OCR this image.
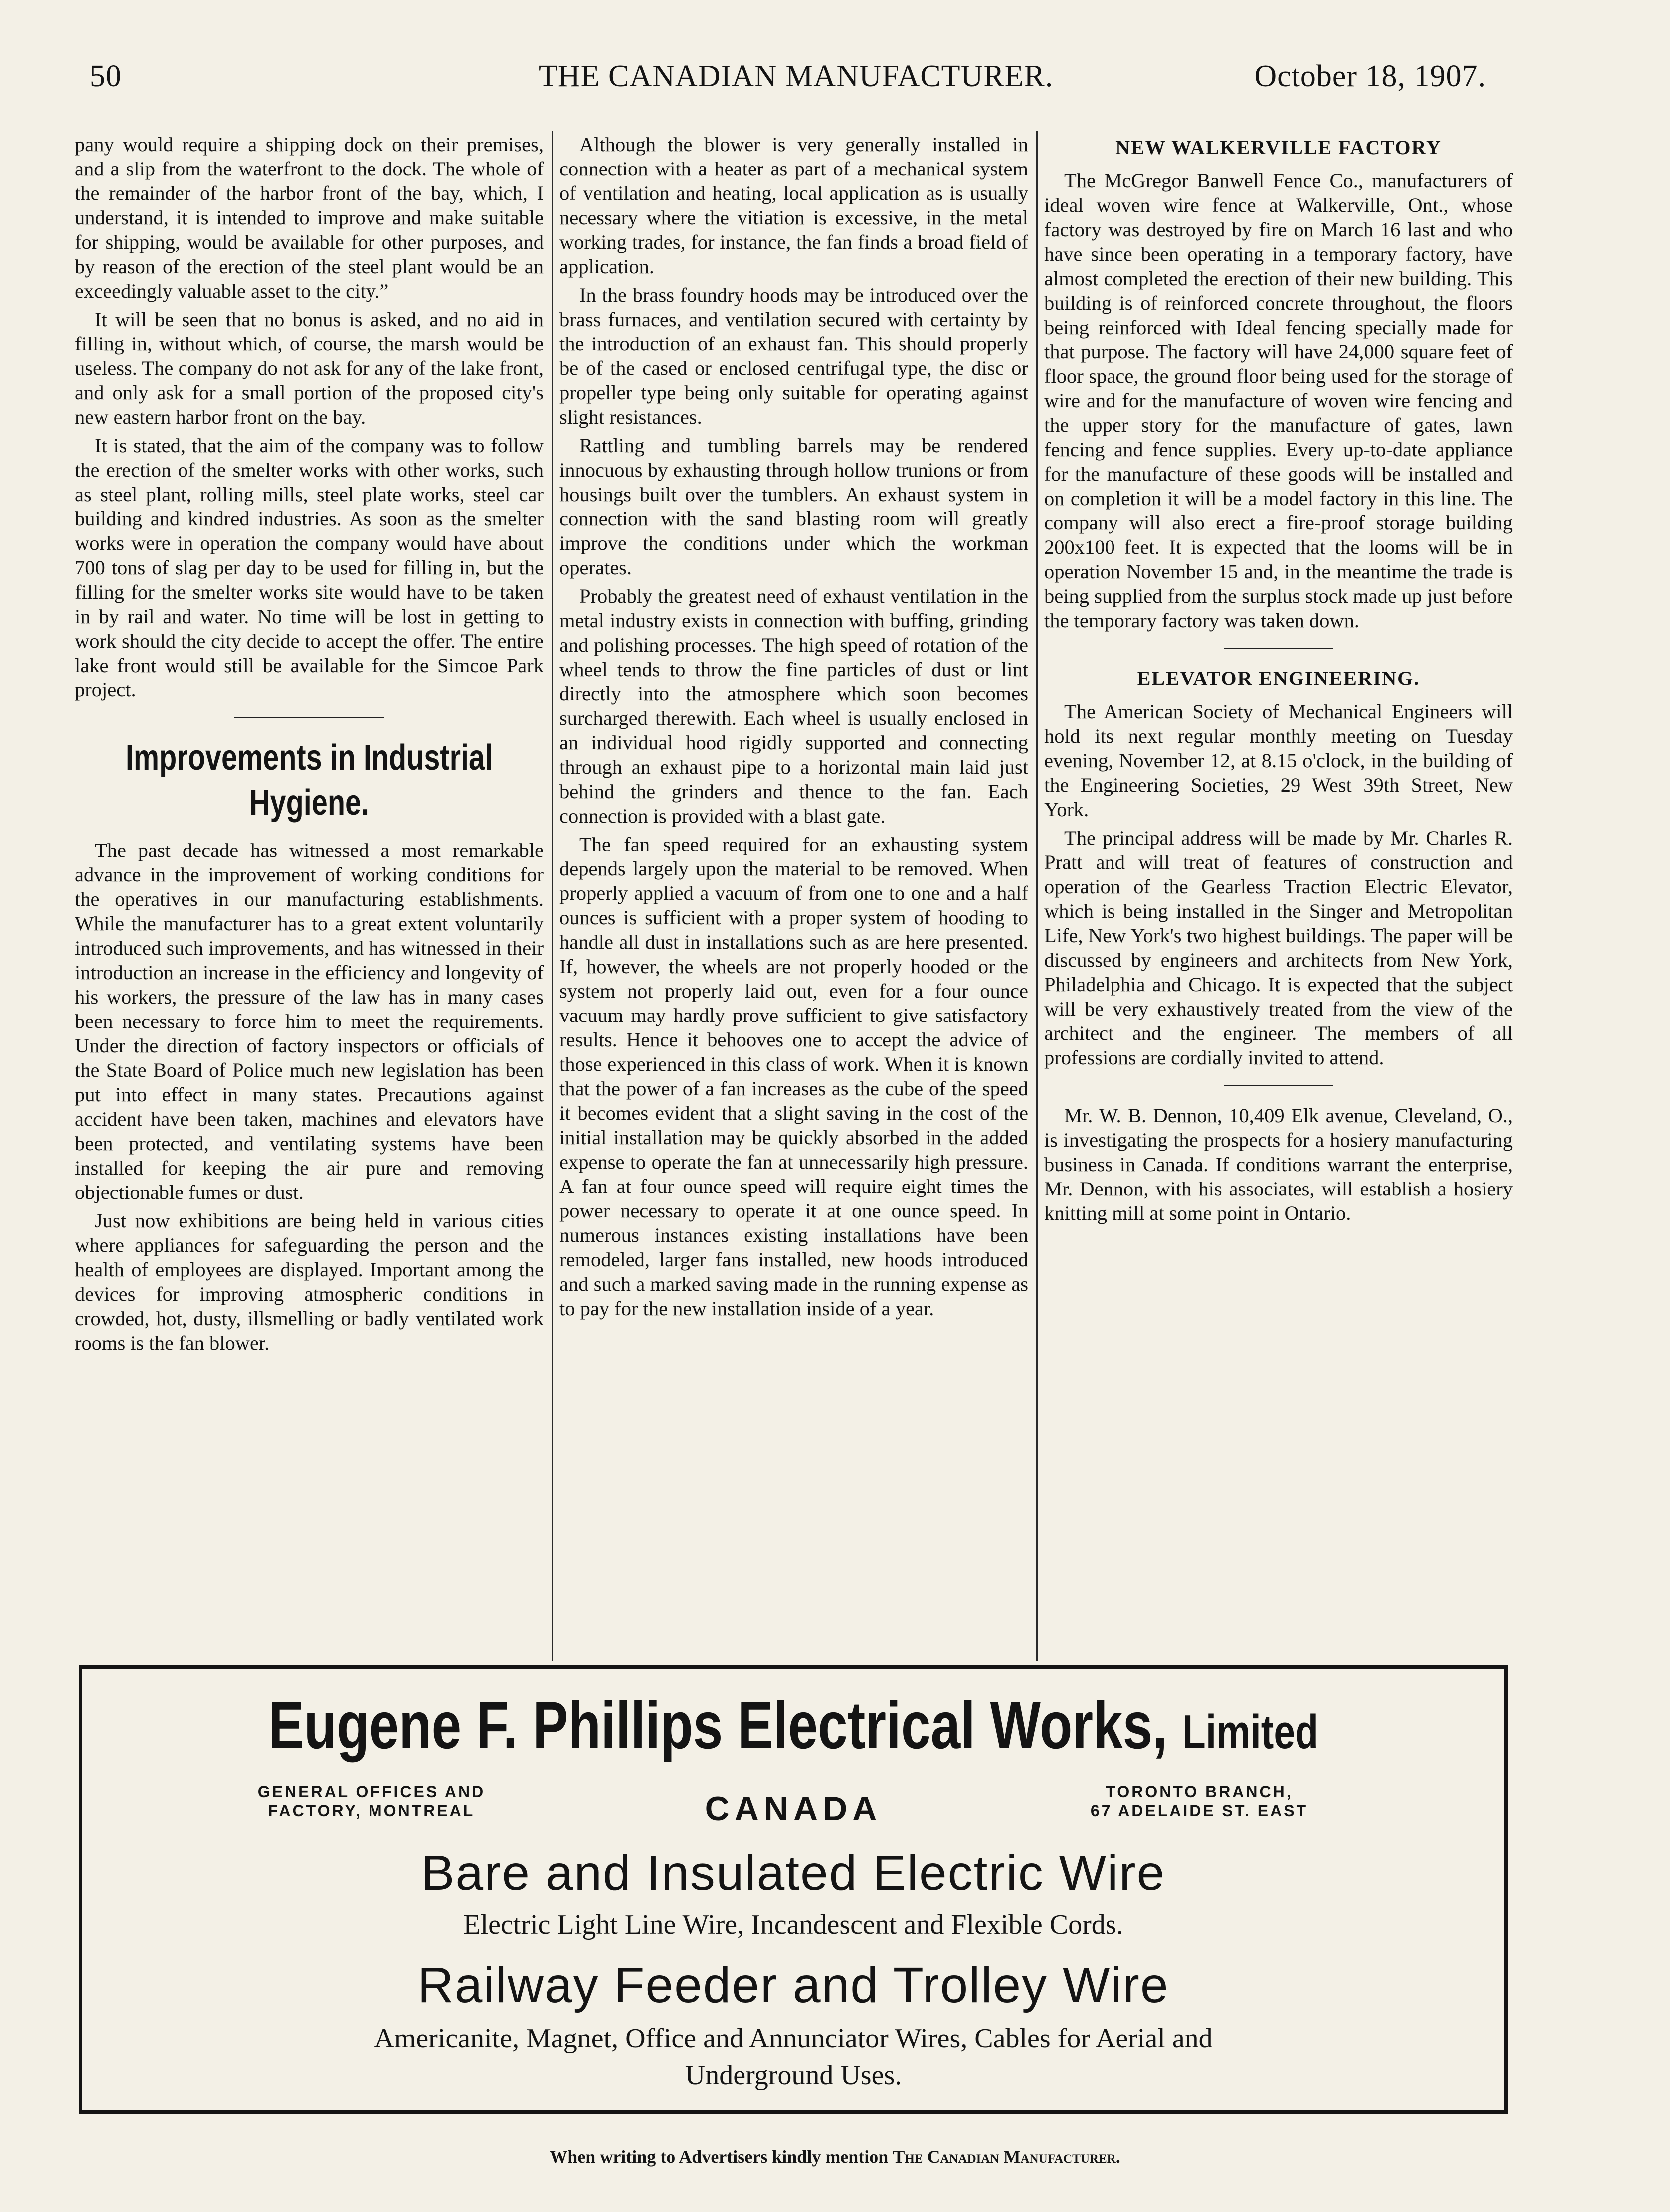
50	THE CANADIAN MANUFACTURER.	October 18, 1907.

pany would require a shipping dock on their premises, and a slip from the waterfront to the dock. The whole of the remainder of the harbor front of the bay, which, I understand, it is intended to improve and make suitable for shipping, would be available for other purposes, and by reason of the erection of the steel plant would be an exceedingly valuable asset to the city.”

It will be seen that no bonus is asked, and no aid in filling in, without which, of course, the marsh would be useless. The company do not ask for any of the lake front, and only ask for a small portion of the proposed city's new eastern harbor front on the bay.

It is stated, that the aim of the company was to follow the erection of the smelter works with other works, such as steel plant, rolling mills, steel plate works, steel car building and kindred industries. As soon as the smelter works were in operation the company would have about 700 tons of slag per day to be used for filling in, but the filling for the smelter works site would have to be taken in by rail and water. No time will be lost in getting to work should the city decide to accept the offer. The entire lake front would still be available for the Simcoe Park project.

Improvements in Industrial Hygiene.

The past decade has witnessed a most remarkable advance in the improvement of working conditions for the operatives in our manufacturing establishments. While the manufacturer has to a great extent voluntarily introduced such improvements, and has witnessed in their introduction an increase in the efficiency and longevity of his workers, the pressure of the law has in many cases been necessary to force him to meet the requirements. Under the direction of factory inspectors or officials of the State Board of Police much new legislation has been put into effect in many states. Precautions against accident have been taken, machines and elevators have been protected, and ventilating systems have been installed for keeping the air pure and removing objectionable fumes or dust.

Just now exhibitions are being held in various cities where appliances for safeguarding the person and the health of employees are displayed. Important among the devices for improving atmospheric conditions in crowded, hot, dusty, illsmelling or badly ventilated work rooms is the fan blower.

Although the blower is very generally installed in connection with a heater as part of a mechanical system of ventilation and heating, local application as is usually necessary where the vitiation is excessive, in the metal working trades, for instance, the fan finds a broad field of application.

In the brass foundry hoods may be introduced over the brass furnaces, and ventilation secured with certainty by the introduction of an exhaust fan. This should properly be of the cased or enclosed centrifugal type, the disc or propeller type being only suitable for operating against slight resistances.

Rattling and tumbling barrels may be rendered innocuous by exhausting through hollow trunions or from housings built over the tumblers. An exhaust system in connection with the sand blasting room will greatly improve the conditions under which the workman operates.

Probably the greatest need of exhaust ventilation in the metal industry exists in connection with buffing, grinding and polishing processes. The high speed of rotation of the wheel tends to throw the fine particles of dust or lint directly into the atmosphere which soon becomes surcharged therewith. Each wheel is usually enclosed in an individual hood rigidly supported and connecting through an exhaust pipe to a horizontal main laid just behind the grinders and thence to the fan. Each connection is provided with a blast gate.

The fan speed required for an exhausting system depends largely upon the material to be removed. When properly applied a vacuum of from one to one and a half ounces is sufficient with a proper system of hooding to handle all dust in installations such as are here presented. If, however, the wheels are not properly hooded or the system not properly laid out, even for a four ounce vacuum may hardly prove sufficient to give satisfactory results. Hence it behooves one to accept the advice of those experienced in this class of work. When it is known that the power of a fan increases as the cube of the speed it becomes evident that a slight saving in the cost of the initial installation may be quickly absorbed in the added expense to operate the fan at unnecessarily high pressure. A fan at four ounce speed will require eight times the power necessary to operate it at one ounce speed. In numerous instances existing installations have been remodeled, larger fans installed, new hoods introduced and such a marked saving made in the running expense as to pay for the new installation inside of a year.

NEW WALKERVILLE FACTORY

The McGregor Banwell Fence Co., manufacturers of ideal woven wire fence at Walkerville, Ont., whose factory was destroyed by fire on March 16 last and who have since been operating in a temporary factory, have almost completed the erection of their new building. This building is of reinforced concrete throughout, the floors being reinforced with Ideal fencing specially made for that purpose. The factory will have 24,000 square feet of floor space, the ground floor being used for the storage of wire and for the manufacture of woven wire fencing and the upper story for the manufacture of gates, lawn fencing and fence supplies. Every up-to-date appliance for the manufacture of these goods will be installed and on completion it will be a model factory in this line. The company will also erect a fire-proof storage building 200x100 feet. It is expected that the looms will be in operation November 15 and, in the meantime the trade is being supplied from the surplus stock made up just before the temporary factory was taken down.

ELEVATOR ENGINEERING.

The American Society of Mechanical Engineers will hold its next regular monthly meeting on Tuesday evening, November 12, at 8.15 o'clock, in the building of the Engineering Societies, 29 West 39th Street, New York.

The principal address will be made by Mr. Charles R. Pratt and will treat of features of construction and operation of the Gearless Traction Electric Elevator, which is being installed in the Singer and Metropolitan Life, New York's two highest buildings. The paper will be discussed by engineers and architects from New York, Philadelphia and Chicago. It is expected that the subject will be very exhaustively treated from the view of the architect and the engineer. The members of all professions are cordially invited to attend.

Mr. W. B. Dennon, 10,409 Elk avenue, Cleveland, O., is investigating the prospects for a hosiery manufacturing business in Canada. If conditions warrant the enterprise, Mr. Dennon, with his associates, will establish a hosiery knitting mill at some point in Ontario.

Eugene F. Phillips Electrical Works, Limited
GENERAL OFFICES AND
FACTORY, MONTREAL	CANADA	TORONTO BRANCH,
67 ADELAIDE ST. EAST
Bare and Insulated Electric Wire
Electric Light Line Wire, Incandescent and Flexible Cords.
Railway Feeder and Trolley Wire
Americanite, Magnet, Office and Annunciator Wires, Cables for Aerial and
Underground Uses.
When writing to Advertisers kindly mention The Canadian Manufacturer.
